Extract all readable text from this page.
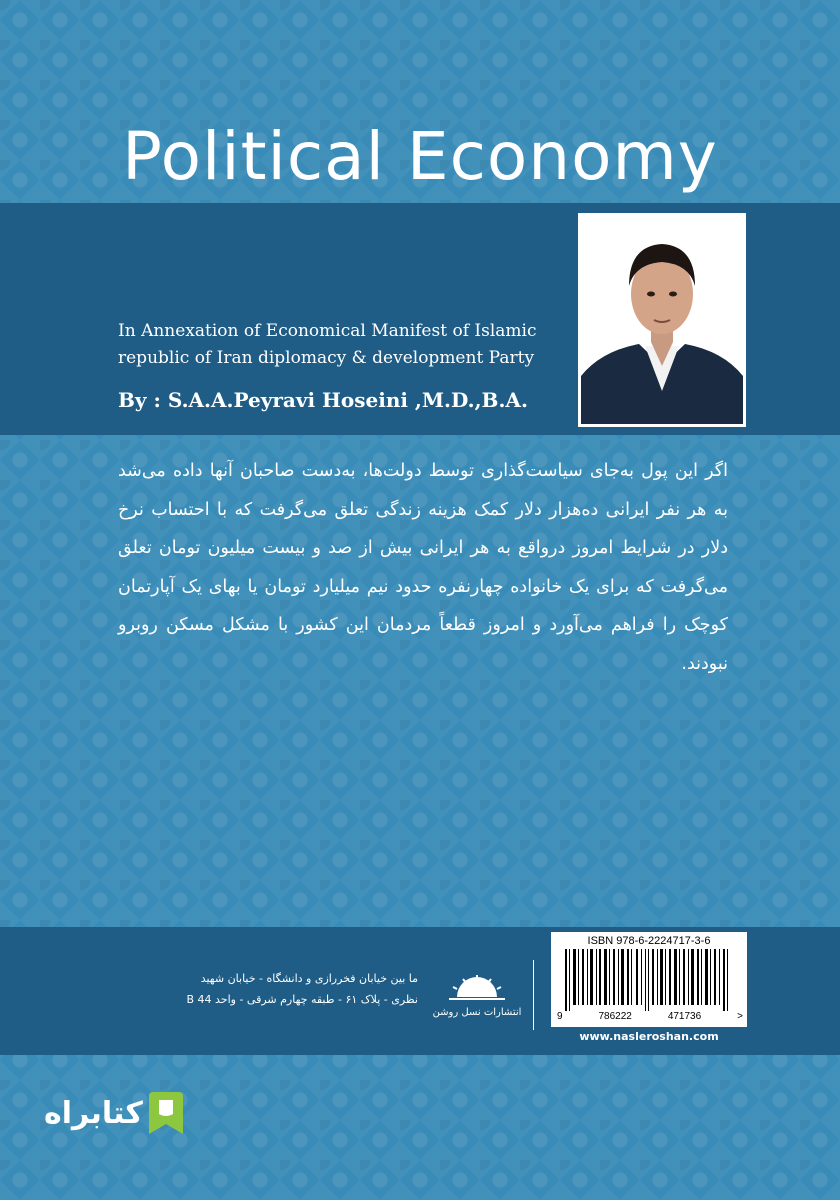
Political Economy
In Annexation of Economical Manifest of Islamic
republic of Iran diplomacy & development Party
By : S.A.A.Peyravi Hoseini ,M.D.,B.A.
اگر این پول به‌جای سیاست‌گذاری توسط دولت‌ها، به‌دست صاحبان آنها داده می‌شد به هر نفر ایرانی ده‌هزار دلار کمک هزینه زندگی تعلق می‌گرفت که با احتساب نرخ دلار در شرایط امروز درواقع به هر ایرانی بیش از صد و بیست میلیون تومان تعلق می‌گرفت که برای یک خانواده چهارنفره حدود نیم میلیارد تومان یا بهای یک آپارتمان کوچک را فراهم می‌آورد و امروز قطعاً مردمان این کشور با مشکل مسکن روبرو نبودند.
ما بین خیابان فخررازی و دانشگاه - خیابان شهید
نظری - پلاک ۶۱ - طبقه چهارم شرقی - واحد 44 B
انتشارات نسل روشن
ISBN 978-6-2224717-3-6
9	786222	471736	>
www.nasleroshan.com
کتابراه
